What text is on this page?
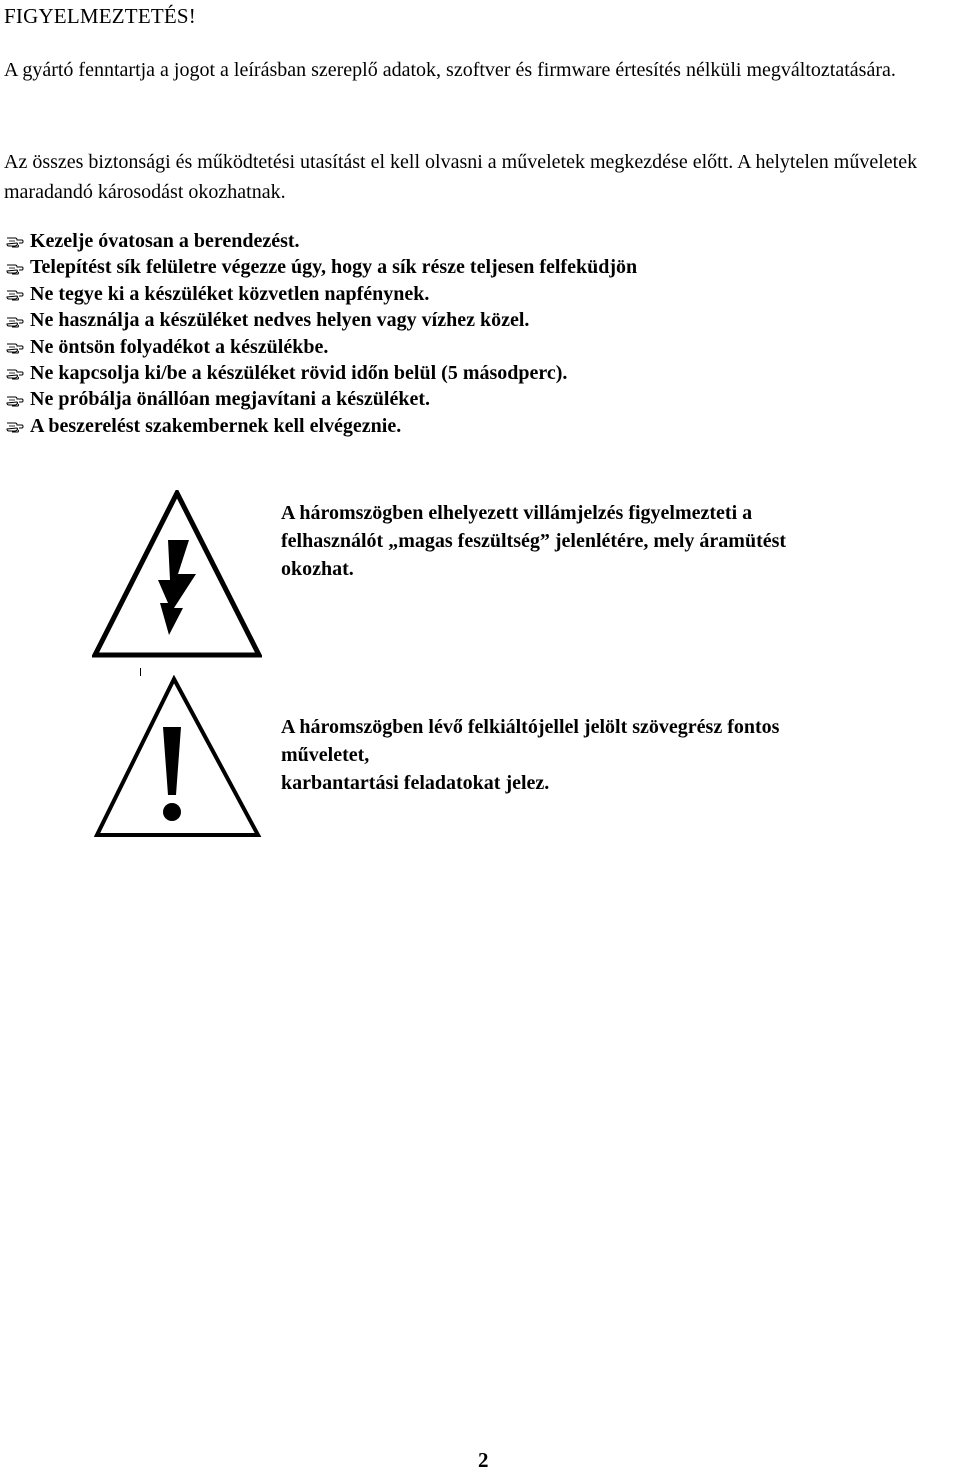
FIGYELMEZTETÉS!
A gyártó fenntartja a jogot a leírásban szereplő adatok, szoftver és firmware értesítés nélküli megváltoztatására.
Az összes biztonsági és működtetési utasítást el kell olvasni a műveletek megkezdése előtt. A helytelen műveletek maradandó károsodást okozhatnak.
Kezelje óvatosan a berendezést.
Telepítést sík felületre végezze úgy, hogy a sík része teljesen felfeküdjön
Ne tegye ki a készüléket közvetlen napfénynek.
Ne használja a készüléket nedves helyen vagy vízhez közel.
Ne öntsön folyadékot a készülékbe.
Ne kapcsolja ki/be a készüléket rövid időn belül (5 másodperc).
Ne próbálja önállóan megjavítani a készüléket.
A beszerelést szakembernek kell elvégeznie.
A háromszögben elhelyezett villámjelzés figyelmezteti a
felhasználót „magas feszültség” jelenlétére, mely áramütést
okozhat.
A háromszögben lévő felkiáltójellel jelölt szövegrész fontos
műveletet,
karbantartási feladatokat jelez.
2
